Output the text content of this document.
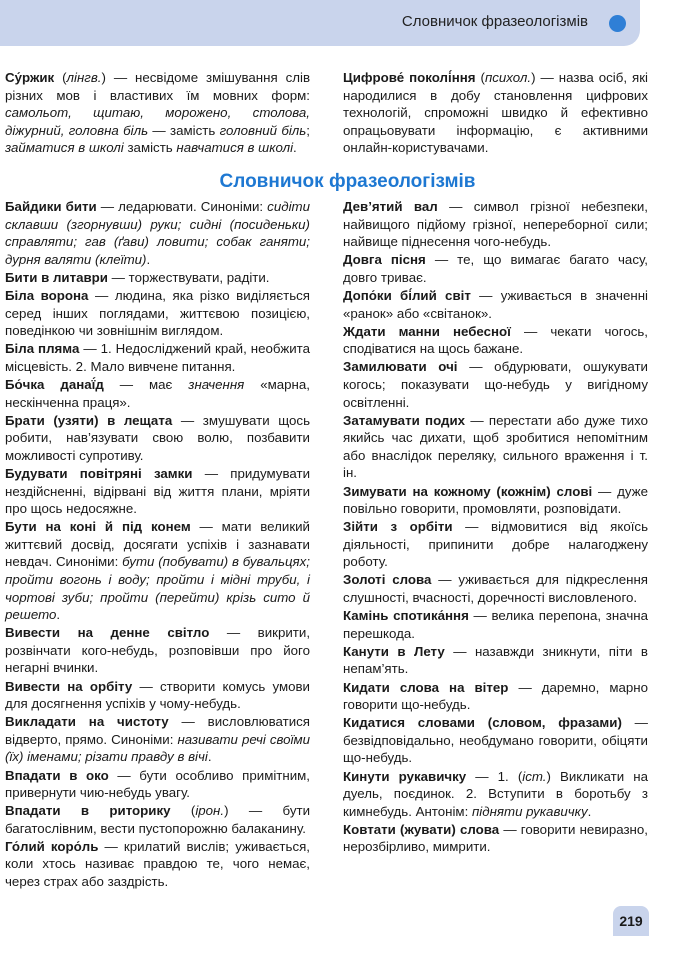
Словничок фразеологізмів

Су́ржик (лінгв.) — несвідоме змішування слів різних мов і властивих їм мовних форм: самольот, щитаю, морожено, столова, діжурний, головна біль — замість головний біль; займатися в школі замість навчатися в школі.

Цифрове́ поколі́ння (психол.) — назва осіб, які народилися в добу становлення цифрових технологій, спроможні швидко й ефективно опрацьовувати інформацію, є активними онлайн-користувачами.

Словничок фразеологізмів

Байдики бити — ледарювати. Синоніми: сидіти склавши (згорнувши) руки; сидні (посиденьки) справляти; гав (ґави) ловити; собак ганяти; дурня валяти (клеїти).

Бити в литаври — торжествувати, радіти.

Біла ворона — людина, яка різко виділяється серед інших поглядами, життєвою позицією, поведінкою чи зовнішнім виглядом.

Біла пляма — 1. Недосліджений край, необжита місцевість. 2. Мало вивчене питання.

Бо́чка данаї́д — має значення «марна, нескінченна праця».

Брати (узяти) в лещата — змушувати щось робити, нав’язувати свою волю, позбавити можливості супротиву.

Будувати повітряні замки — придумувати нездійсненні, відірвані від життя плани, мріяти про щось недосяжне.

Бути на коні й під конем — мати великий життєвий досвід, досягати успіхів і зазнавати невдач. Синоніми: бути (побувати) в бувальцях; пройти вогонь і воду; пройти і мідні труби, і чортові зуби; пройти (перейти) крізь сито й решето.

Вивести на денне світло — викрити, розвінчати кого-небудь, розповівши про його негарні вчинки.

Вивести на орбіту — створити комусь умови для досягнення успіхів у чому-небудь.

Викладати на чистоту — висловлюватися відверто, прямо. Синоніми: називати речі своїми (їх) іменами; різати правду в вічі.

Впадати в око — бути особливо примітним, привернути чию-небудь увагу.

Впадати в риторику (ірон.) — бути багатослівним, вести пустопорожню балаканину.

Го́лий коро́ль — крилатий вислів; уживається, коли хтось називає правдою те, чого немає, через страх або заздрість.

Дев’ятий вал — символ грізної небезпеки, найвищого підйому грізної, непереборної сили; найвище піднесення чого-небудь.

Довга пісня — те, що вимагає багато часу, довго триває.

Допо́ки бі́лий світ — уживається в значенні «ранок» або «світанок».

Ждати манни небесної — чекати чогось, сподіватися на щось бажане.

Замилювати очі — обдурювати, ошукувати когось; показувати що-небудь у вигідному освітленні.

Затамувати подих — перестати або дуже тихо якийсь час дихати, щоб зробитися непомітним або внаслідок переляку, сильного враження і т. ін.

Зимувати на кожному (кожнім) слові — дуже повільно говорити, промовляти, розповідати.

Зійти з орбіти — відмовитися від якоїсь діяльності, припинити добре налагоджену роботу.

Золоті слова — уживається для підкреслення слушності, вчасності, доречності висловленого.

Камінь спотика́ння — велика перепона, значна перешкода.

Канути в Лету — назавжди зникнути, піти в непам’ять.

Кидати слова на вітер — даремно, марно говорити що-небудь.

Кидатися словами (словом, фразами) — безвідповідально, необдумано говорити, обіцяти що-небудь.

Кинути рукавичку — 1. (іст.) Викликати на дуель, поєдинок. 2. Вступити в боротьбу з кимнебудь. Антонім: підняти рукавичку.

Ковтати (жувати) слова — говорити невиразно, нерозбірливо, мимрити.

219
